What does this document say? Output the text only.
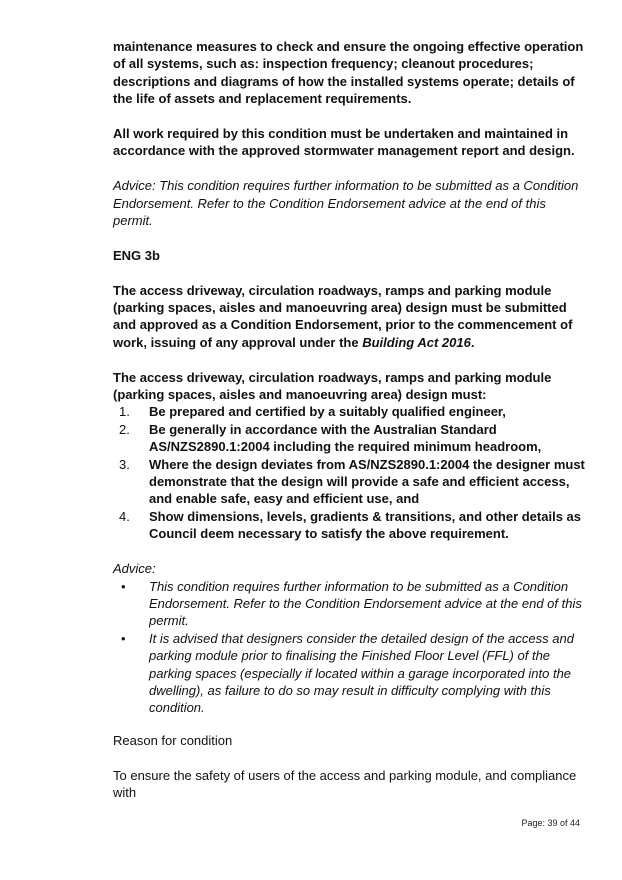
maintenance measures to check and ensure the ongoing effective operation of all systems, such as: inspection frequency; cleanout procedures; descriptions and diagrams of how the installed systems operate; details of the life of assets and replacement requirements.

All work required by this condition must be undertaken and maintained in accordance with the approved stormwater management report and design.

Advice: This condition requires further information to be submitted as a Condition Endorsement. Refer to the Condition Endorsement advice at the end of this permit.

ENG 3b

The access driveway, circulation roadways, ramps and parking module (parking spaces, aisles and manoeuvring area) design must be submitted and approved as a Condition Endorsement, prior to the commencement of work, issuing of any approval under the Building Act 2016.

The access driveway, circulation roadways, ramps and parking module (parking spaces, aisles and manoeuvring area) design must:

1. Be prepared and certified by a suitably qualified engineer,
2. Be generally in accordance with the Australian Standard AS/NZS2890.1:2004 including the required minimum headroom,
3. Where the design deviates from AS/NZS2890.1:2004 the designer must demonstrate that the design will provide a safe and efficient access, and enable safe, easy and efficient use, and
4. Show dimensions, levels, gradients & transitions, and other details as Council deem necessary to satisfy the above requirement.

Advice:

• This condition requires further information to be submitted as a Condition Endorsement. Refer to the Condition Endorsement advice at the end of this permit.
• It is advised that designers consider the detailed design of the access and parking module prior to finalising the Finished Floor Level (FFL) of the parking spaces (especially if located within a garage incorporated into the dwelling), as failure to do so may result in difficulty complying with this condition.

Reason for condition

To ensure the safety of users of the access and parking module, and compliance with

Page: 39 of 44
